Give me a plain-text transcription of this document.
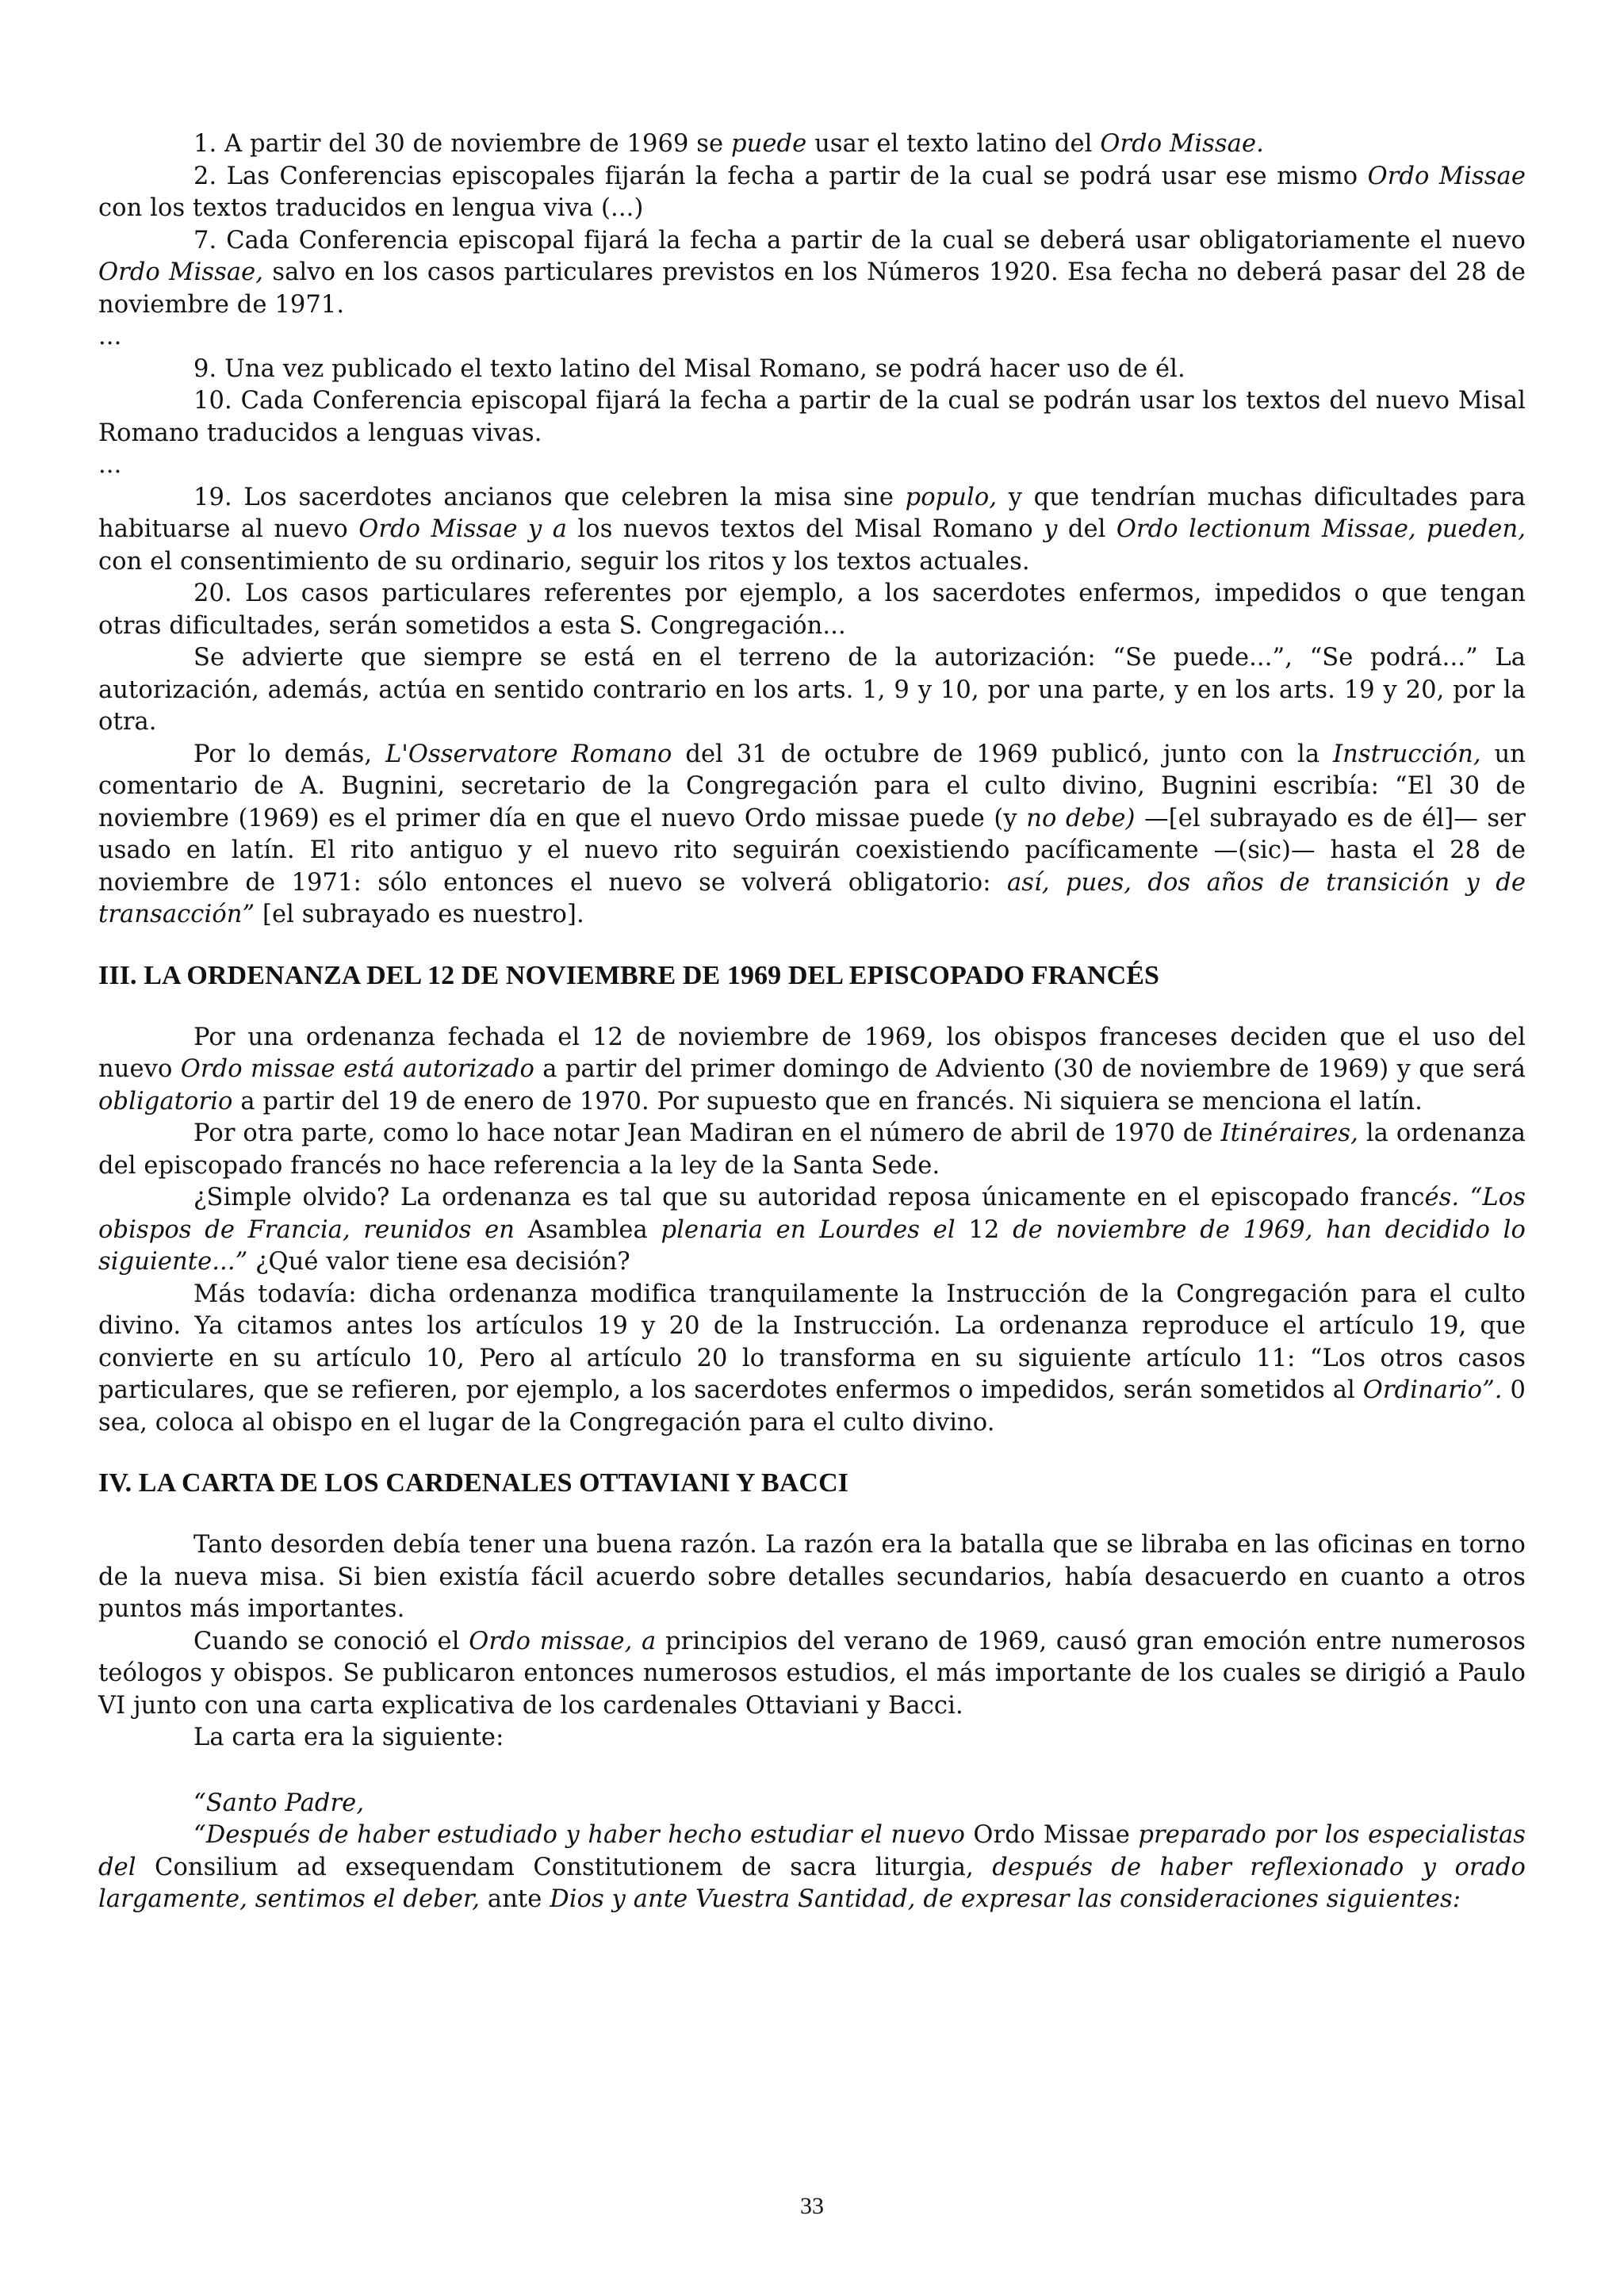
1. A partir del 30 de noviembre de 1969 se puede usar el texto latino del Ordo Missae.

2. Las Conferencias episcopales fijarán la fecha a partir de la cual se podrá usar ese mismo Ordo Missae con los textos traducidos en lengua viva (...)

7. Cada Conferencia episcopal fijará la fecha a partir de la cual se deberá usar obligatoriamente el nuevo Ordo Missae, salvo en los casos particulares previstos en los Números 1920. Esa fecha no deberá pasar del 28 de noviembre de 1971.

...

9. Una vez publicado el texto latino del Misal Romano, se podrá hacer uso de él.

10. Cada Conferencia episcopal fijará la fecha a partir de la cual se podrán usar los textos del nuevo Misal Romano traducidos a lenguas vivas.

...

19. Los sacerdotes ancianos que celebren la misa sine populo, y que tendrían muchas dificultades para habituarse al nuevo Ordo Missae y a los nuevos textos del Misal Romano y del Ordo lectionum Missae, pueden, con el consentimiento de su ordinario, seguir los ritos y los textos actuales.

20. Los casos particulares referentes por ejemplo, a los sacerdotes enfermos, impedidos o que tengan otras dificultades, serán sometidos a esta S. Congregación...

Se advierte que siempre se está en el terreno de la autorización: “Se puede...”, “Se podrá...” La autorización, además, actúa en sentido contrario en los arts. 1, 9 y 10, por una parte, y en los arts. 19 y 20, por la otra.

Por lo demás, L'Osservatore Romano del 31 de octubre de 1969 publicó, junto con la Instrucción, un comentario de A. Bugnini, secretario de la Congregación para el culto divino, Bugnini escribía: “El 30 de noviembre (1969) es el primer día en que el nuevo Ordo missae puede (y no debe) —[el subrayado es de él]— ser usado en latín. El rito antiguo y el nuevo rito seguirán coexistiendo pacíficamente —(sic)— hasta el 28 de noviembre de 1971: sólo entonces el nuevo se volverá obligatorio: así, pues, dos años de transición y de transacción” [el subrayado es nuestro].

III. LA ORDENANZA DEL 12 DE NOVIEMBRE DE 1969 DEL EPISCOPADO FRANCÉS

Por una ordenanza fechada el 12 de noviembre de 1969, los obispos franceses deciden que el uso del nuevo Ordo missae está autorizado a partir del primer domingo de Adviento (30 de noviembre de 1969) y que será obligatorio a partir del 19 de enero de 1970. Por supuesto que en francés. Ni siquiera se menciona el latín.

Por otra parte, como lo hace notar Jean Madiran en el número de abril de 1970 de Itinéraires, la ordenanza del episcopado francés no hace referencia a la ley de la Santa Sede.

¿Simple olvido? La ordenanza es tal que su autoridad reposa únicamente en el episcopado francés. “Los obispos de Francia, reunidos en Asamblea plenaria en Lourdes el 12 de noviembre de 1969, han decidido lo siguiente...” ¿Qué valor tiene esa decisión?

Más todavía: dicha ordenanza modifica tranquilamente la Instrucción de la Congregación para el culto divino. Ya citamos antes los artículos 19 y 20 de la Instrucción. La ordenanza reproduce el artículo 19, que convierte en su artículo 10, Pero al artículo 20 lo transforma en su siguiente artículo 11: “Los otros casos particulares, que se refieren, por ejemplo, a los sacerdotes enfermos o impedidos, serán sometidos al Ordinario”. 0 sea, coloca al obispo en el lugar de la Congregación para el culto divino.

IV. LA CARTA DE LOS CARDENALES OTTAVIANI Y BACCI

Tanto desorden debía tener una buena razón. La razón era la batalla que se libraba en las oficinas en torno de la nueva misa. Si bien existía fácil acuerdo sobre detalles secundarios, había desacuerdo en cuanto a otros puntos más importantes.

Cuando se conoció el Ordo missae, a principios del verano de 1969, causó gran emoción entre numerosos teólogos y obispos. Se publicaron entonces numerosos estudios, el más importante de los cuales se dirigió a Paulo VI junto con una carta explicativa de los cardenales Ottaviani y Bacci.

La carta era la siguiente:

“Santo Padre,

“Después de haber estudiado y haber hecho estudiar el nuevo Ordo Missae preparado por los especialistas del Consilium ad exsequendam Constitutionem de sacra liturgia, después de haber reflexionado y orado largamente, sentimos el deber, ante Dios y ante Vuestra Santidad, de expresar las consideraciones siguientes:

33
